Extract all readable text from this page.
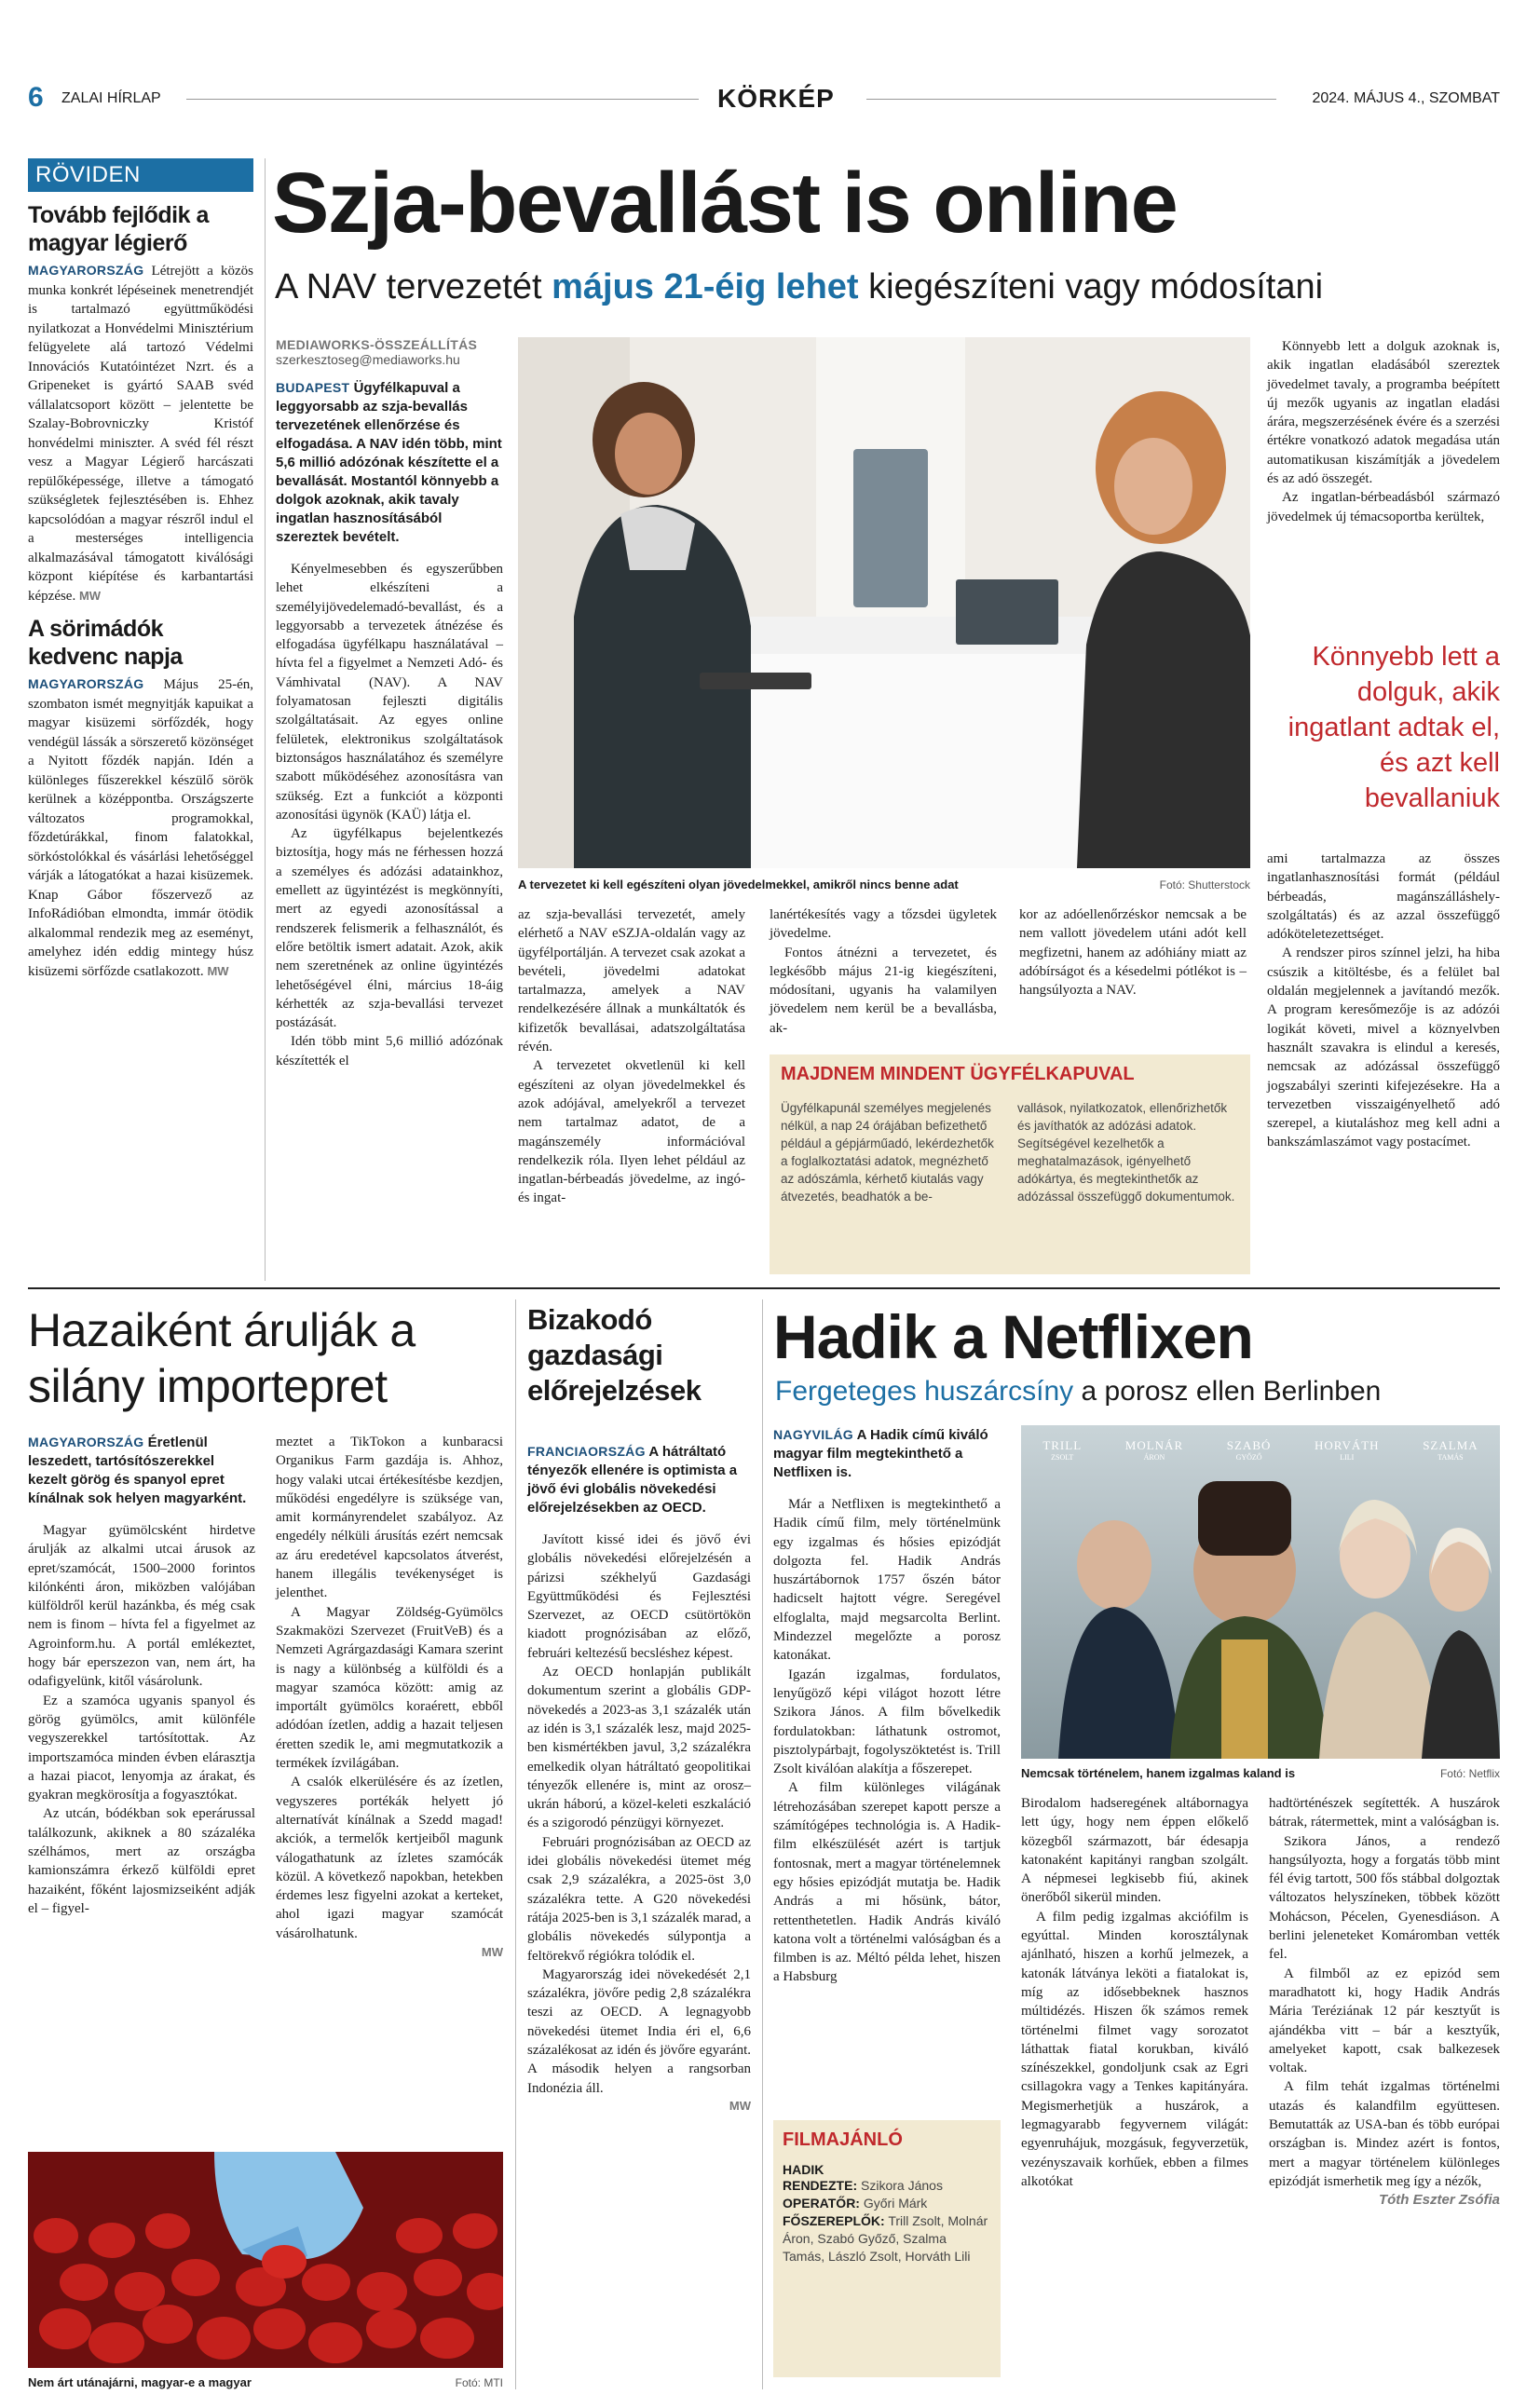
6 ZALAI HÍRLAP	KÖRKÉP	2024. MÁJUS 4., SZOMBAT
RÖVIDEN
Tovább fejlődik a magyar légierő

MAGYARORSZÁG Létrejött a közös munka konkrét lépéseinek menetrendjét is tartalmazó együttműködési nyilatkozat a Honvédelmi Minisztérium felügyelete alá tartozó Védelmi Innovációs Kutatóintézet Nzrt. és a Gripeneket is gyártó SAAB svéd vállalatcsoport között – jelentette be Szalay-Bobrovniczky Kristóf honvédelmi miniszter. A svéd fél részt vesz a Magyar Légierő harcászati repülőképessége, illetve a támogató szükségletek fejlesztésében is. Ehhez kapcsolódóan a magyar részről indul el a mesterséges intelligencia alkalmazásával támogatott kiválósági központ kiépítése és karbantartási képzése. MW

A sörimádók kedvenc napja

MAGYARORSZÁG Május 25-én, szombaton ismét megnyitják kapuikat a magyar kisüzemi sörfőzdék, hogy vendégül lássák a sörszerető közönséget a Nyitott főzdék napján. Idén a különleges fűszerekkel készülő sörök kerülnek a középpontba. Országszerte változatos programokkal, főzdetúrákkal, finom falatokkal, sörkóstolókkal és vásárlási lehetőséggel várják a látogatókat a hazai kisüzemek. Knap Gábor főszervező az InfoRádióban elmondta, immár ötödik alkalommal rendezik meg az eseményt, amelyhez idén eddig mintegy húsz kisüzemi sörfőzde csatlakozott. MW

Szja-bevallást is online
A NAV tervezetét május 21-éig lehet kiegészíteni vagy módosítani
MEDIAWORKS-ÖSSZEÁLLÍTÁS
szerkesztoseg@mediaworks.hu
BUDAPEST Ügyfélkapuval a leggyorsabb az szja-bevallás tervezetének ellenőrzése és elfogadása. A NAV idén több, mint 5,6 millió adózónak készítette el a bevallását. Mostantól könnyebb a dolgok azoknak, akik tavaly ingatlan hasznosításából szereztek bevételt.

Kényelmesebben és egyszerűbben lehet elkészíteni a személyijövedelemadó-bevallást, és a leggyorsabb a tervezetek átnézése és elfogadása ügyfélkapu használatával – hívta fel a figyelmet a Nemzeti Adó- és Vámhivatal (NAV). A NAV folyamatosan fejleszti digitális szolgáltatásait. Az egyes online felületek, elektronikus szolgáltatások biztonságos használatához és személyre szabott működéséhez azonosításra van szükség. Ezt a funkciót a központi azonosítási ügynök (KAÜ) látja el.

Az ügyfélkapus bejelentkezés biztosítja, hogy más ne férhessen hozzá a személyes és adózási adatainkhoz, emellett az ügyintézést is megkönnyíti, mert az egyedi azonosítással a rendszerek felismerik a felhasználót, és előre betöltik ismert adatait. Azok, akik nem szeretnének az online ügyintézés lehetőségével élni, március 18-áig kérhették az szja-bevallási tervezet postázását.

Idén több mint 5,6 millió adózónak készítették el

A tervezetet ki kell egészíteni olyan jövedelmekkel, amikről nincs benne adat	Fotó: Shutterstock

az szja-bevallási tervezetét, amely elérhető a NAV eSZJA-oldalán vagy az ügyfélportálján. A tervezet csak azokat a bevételi, jövedelmi adatokat tartalmazza, amelyek a NAV rendelkezésére állnak a munkáltatók és kifizetők bevallásai, adatszolgáltatása révén.

A tervezetet okvetlenül ki kell egészíteni az olyan jövedelmekkel és azok adójával, amelyekről a tervezet nem tartalmaz adatot, de a magánszemély információval rendelkezik róla. Ilyen lehet például az ingatlan-bérbeadás jövedelme, az ingó- és ingat-

lanértékesítés vagy a tőzsdei ügyletek jövedelme.

Fontos átnézni a tervezetet, és legkésőbb május 21-ig kiegészíteni, módosítani, ugyanis ha valamilyen jövedelem nem kerül be a bevallásba, ak-

kor az adóellenőrzéskor nemcsak a be nem vallott jövedelem utáni adót kell megfizetni, hanem az adóhiány miatt az adóbírságot és a késedelmi pótlékot is – hangsúlyozta a NAV.

MAJDNEM MINDENT ÜGYFÉLKAPUVAL
Ügyfélkapunál személyes megjelenés nélkül, a nap 24 órájában befizethető például a gépjárműadó, lekérdezhetők a foglalkoztatási adatok, megnézhető az adószámla, kérhető kiutalás vagy átvezetés, beadhatók a be-
vallások, nyilatkozatok, ellenőrizhetők és javíthatók az adózási adatok. Segítségével kezelhetők a meghatalmazások, igényelhető adókártya, és megtekinthetők az adózással összefüggő dokumentumok.

Könnyebb lett a dolguk azoknak is, akik ingatlan eladásából szereztek jövedelmet tavaly, a programba beépített új mezők ugyanis az ingatlan eladási árára, megszerzésének évére és a szerzési értékre vonatkozó adatok megadása után automatikusan kiszámítják a jövedelem és az adó összegét.

Az ingatlan-bérbeadásból származó jövedelmek új témacsoportba kerültek,

Könnyebb lett a dolguk, akik ingatlant adtak el, és azt kell bevallaniuk

ami tartalmazza az összes ingatlanhasznosítási formát (például bérbeadás, magánszálláshely-szolgáltatás) és az azzal összefüggő adóköteletezettséget.

A rendszer piros színnel jelzi, ha hiba csúszik a kitöltésbe, és a felület bal oldalán megjelennek a javítandó mezők. A program keresőmezője is az adózói logikát követi, mivel a köznyelvben használt szavakra is elindul a keresés, nemcsak az adózással összefüggő jogszabályi szerinti kifejezésekre. Ha a tervezetben visszaigényelhető adó szerepel, a kiutaláshoz meg kell adni a bankszámlaszámot vagy postacímet.

Hazaiként árulják a silány importepret
MAGYARORSZÁG Éretlenül leszedett, tartósítószerekkel kezelt görög és spanyol epret kínálnak sok helyen magyarként.

Magyar gyümölcsként hirdetve árulják az alkalmi utcai árusok az epret/szamócát, 1500–2000 forintos kilónkénti áron, miközben valójában külföldről kerül hazánkba, és még csak nem is finom – hívta fel a figyelmet az Agroinform.hu. A portál emlékeztet, hogy bár eperszezon van, nem árt, ha odafigyelünk, kitől vásárolunk.

Ez a szamóca ugyanis spanyol és görög gyümölcs, amit különféle vegyszerekkel tartósítottak. Az importszamóca minden évben elárasztja a hazai piacot, lenyomja az árakat, és gyakran megkörosítja a fogyasztókat.

Az utcán, bódékban sok eperárussal találkozunk, akiknek a 80 százaléka szélhámos, mert az országba kamionszámra érkező külföldi epret hazaiként, főként lajosmizseiként adják el – figyel-

meztet a TikTokon a kunbaracsi Organikus Farm gazdája is. Ahhoz, hogy valaki utcai értékesítésbe kezdjen, működési engedélyre is szüksége van, amit kormányrendelet szabályoz. Az engedély nélküli árusítás ezért nemcsak az áru eredetével kapcsolatos átverést, hanem illegális tevékenységet is jelenthet.

A Magyar Zöldség-Gyümölcs Szakmaközi Szervezet (FruitVeB) és a Nemzeti Agrárgazdasági Kamara szerint is nagy a különbség a külföldi és a magyar szamóca között: amig az importált gyümölcs koraérett, ebből adódóan ízetlen, addig a hazait teljesen éretten szedik le, ami megmutatkozik a termékek ízvilágában.

A csalók elkerülésére és az ízetlen, vegyszeres portékák helyett jó alternatívát kínálnak a Szedd magad! akciók, a termelők kertjeiből magunk válogathatunk az ízletes szamócák közül. A következő napokban, hetekben érdemes lesz figyelni azokat a kerteket, ahol igazi magyar szamócát vásárolhatunk.

MW
Nem árt utánajárni, magyar-e a magyar	Fotó: MTI
Bizakodó gazdasági előrejelzések
FRANCIAORSZÁG A hátráltató tényezők ellenére is optimista a jövő évi globális növekedési előrejelzésekben az OECD.

Javított kissé idei és jövő évi globális növekedési előrejelzésén a párizsi székhelyű Gazdasági Együttműködési és Fejlesztési Szervezet, az OECD csütörtökön kiadott prognózisában az előző, februári keltezésű becsléshez képest.

Az OECD honlapján publikált dokumentum szerint a globális GDP-növekedés a 2023-as 3,1 százalék után az idén is 3,1 százalék lesz, majd 2025-ben kismértékben javul, 3,2 százalékra emelkedik olyan hátráltató geopolitikai tényezők ellenére is, mint az orosz–ukrán háború, a közel-keleti eszkaláció és a szigorodó pénzügyi környezet.

Februári prognózisában az OECD az idei globális növekedési ütemet még csak 2,9 százalékra, a 2025-öst 3,0 százalékra tette. A G20 növekedési rátája 2025-ben is 3,1 százalék marad, a globális növekedés súlypontja a feltörekvő régiókra tolódik el.

Magyarország idei növekedését 2,1 százalékra, jövőre pedig 2,8 százalékra teszi az OECD. A legnagyobb növekedési ütemet India éri el, 6,6 százalékosat az idén és jövőre egyaránt. A második helyen a rangsorban Indonézia áll.

MW
Hadik a Netflixen
Fergeteges huszárcsíny a porosz ellen Berlinben
NAGYVILÁG A Hadik című kiváló magyar film megtekinthető a Netflixen is.

Már a Netflixen is megtekinthető a Hadik című film, mely történelmünk egy izgalmas és hősies epizódját dolgozta fel. Hadik András huszártábornok 1757 őszén bátor hadicselt hajtott végre. Seregével elfoglalta, majd megsarcolta Berlint. Mindezzel megelőzte a porosz katonákat.

Igazán izgalmas, fordulatos, lenyűgöző képi világot hozott létre Szikora János. A film bővelkedik fordulatokban: láthatunk ostromot, pisztolypárbajt, fogolyszöktetést is. Trill Zsolt kiválóan alakítja a főszerepet.

A film különleges világának létrehozásában szerepet kapott persze a számítógépes technológia is. A Hadik-film elkészülését azért is tartjuk fontosnak, mert a magyar történelemnek egy hősies epizódját mutatja be. Hadik András a mi hősünk, bátor, rettenthetetlen. Hadik András kiváló katona volt a történelmi valóságban és a filmben is az. Méltó példa lehet, hiszen a Habsburg

TRILL
ZSOLT
MOLNÁR
ÁRON
SZABÓ
GYŐZŐ
HORVÁTH
LILI
SZALMA
TAMÁS
Nemcsak történelem, hanem izgalmas kaland is	Fotó: Netflix

Birodalom hadseregének altábornagya lett úgy, hogy nem éppen előkelő közegből származott, bár édesapja katonaként kapitányi rangban szolgált. A népmesei legkisebb fiú, akinek önerőből sikerül minden.

A film pedig izgalmas akciófilm is egyúttal. Minden korosztálynak ajánlható, hiszen a korhű jelmezek, a katonák látványa leköti a fiatalokat is, míg az idősebbeknek hasznos múltidézés. Hiszen ők számos remek történelmi filmet vagy sorozatot láthattak fiatal korukban, kiváló színészekkel, gondoljunk csak az Egri csillagokra vagy a Tenkes kapitányára. Megismerhetjük a huszárok, a legmagyarabb fegyvernem világát: egyenruhájuk, mozgásuk, fegyverzetük, vezényszavaik korhűek, ebben a filmes alkotókat

hadtörténészek segítették. A huszárok bátrak, rátermettek, mint a valóságban is.

Szikora János, a rendező hangsúlyozta, hogy a forgatás több mint fél évig tartott, 500 fős stábbal dolgoztak változatos helyszíneken, többek között Mohácson, Pécelen, Gyenesdiáson. A berlini jeleneteket Komáromban vették fel.

A filmből az ez epizód sem maradhatott ki, hogy Hadik András Mária Teréziának 12 pár kesztyűt is ajándékba vitt – bár a kesztyűk, amelyeket kapott, csak balkezesek voltak.

A film tehát izgalmas történelmi utazás és kalandfilm együttesen. Bemutatták az USA-ban és több európai országban is. Mindez azért is fontos, mert a magyar történelem különleges epizódját ismerhetik meg így a nézők,

Tóth Eszter Zsófia
FILMAJÁNLÓ
HADIK
RENDEZTE: Szikora János
OPERATŐR: Győri Márk
FŐSZEREPLŐK: Trill Zsolt, Molnár Áron, Szabó Győző, Szalma Tamás, László Zsolt, Horváth Lili
